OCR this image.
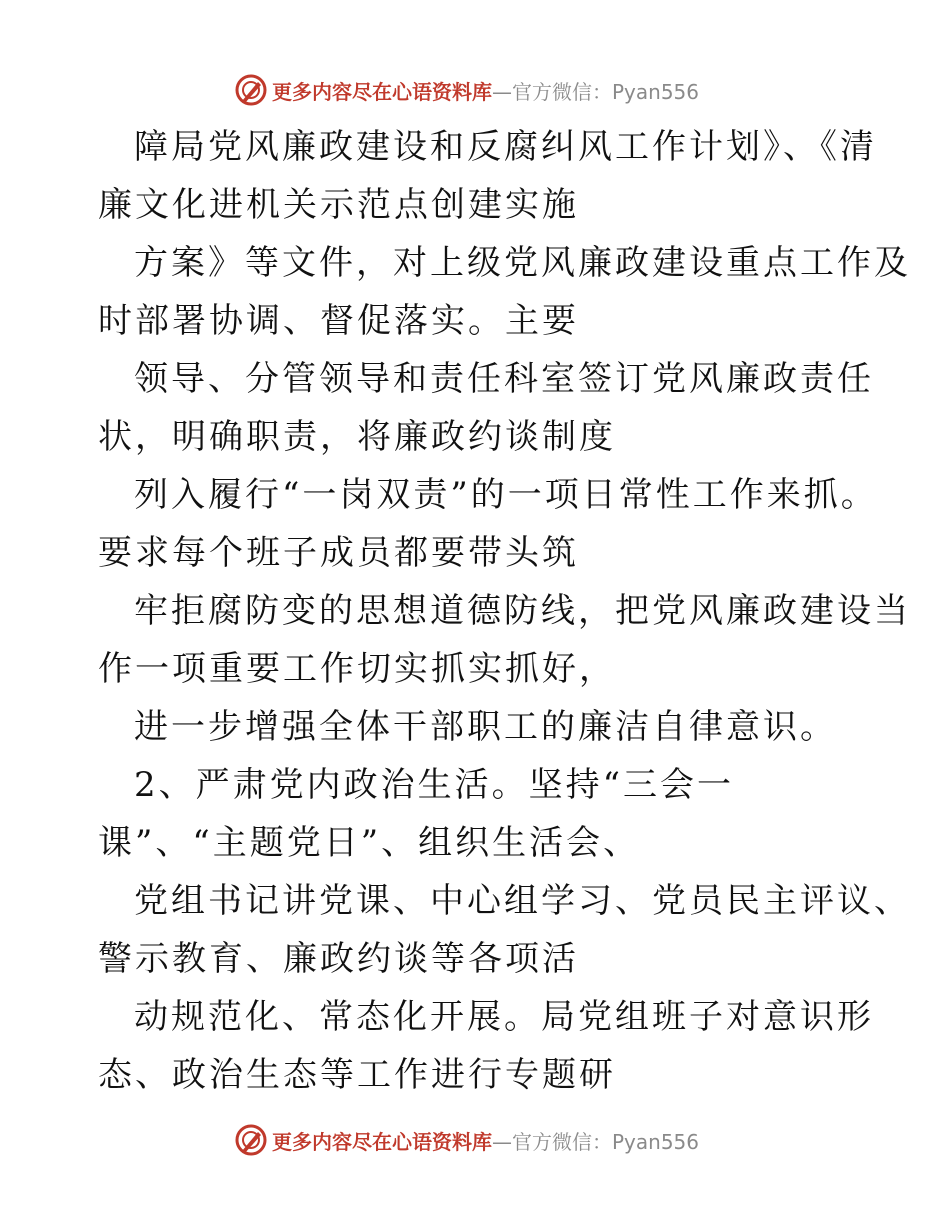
更多内容尽在心语资料库 —官方微信：Pyan556
障局党风廉政建设和反腐纠风工作计划》、《清
廉文化进机关示范点创建实施
方案》等文件，对上级党风廉政建设重点工作及
时部署协调、督促落实。主要
领导、分管领导和责任科室签订党风廉政责任
状，明确职责，将廉政约谈制度
列入履行“一岗双责”的一项日常性工作来抓。
要求每个班子成员都要带头筑
牢拒腐防变的思想道德防线，把党风廉政建设当
作一项重要工作切实抓实抓好，
进一步增强全体干部职工的廉洁自律意识。
2、严肃党内政治生活。坚持“三会一
课”、“主题党日”、组织生活会、
党组书记讲党课、中心组学习、党员民主评议、
警示教育、廉政约谈等各项活
动规范化、常态化开展。局党组班子对意识形
态、政治生态等工作进行专题研
更多内容尽在心语资料库 —官方微信：Pyan556
